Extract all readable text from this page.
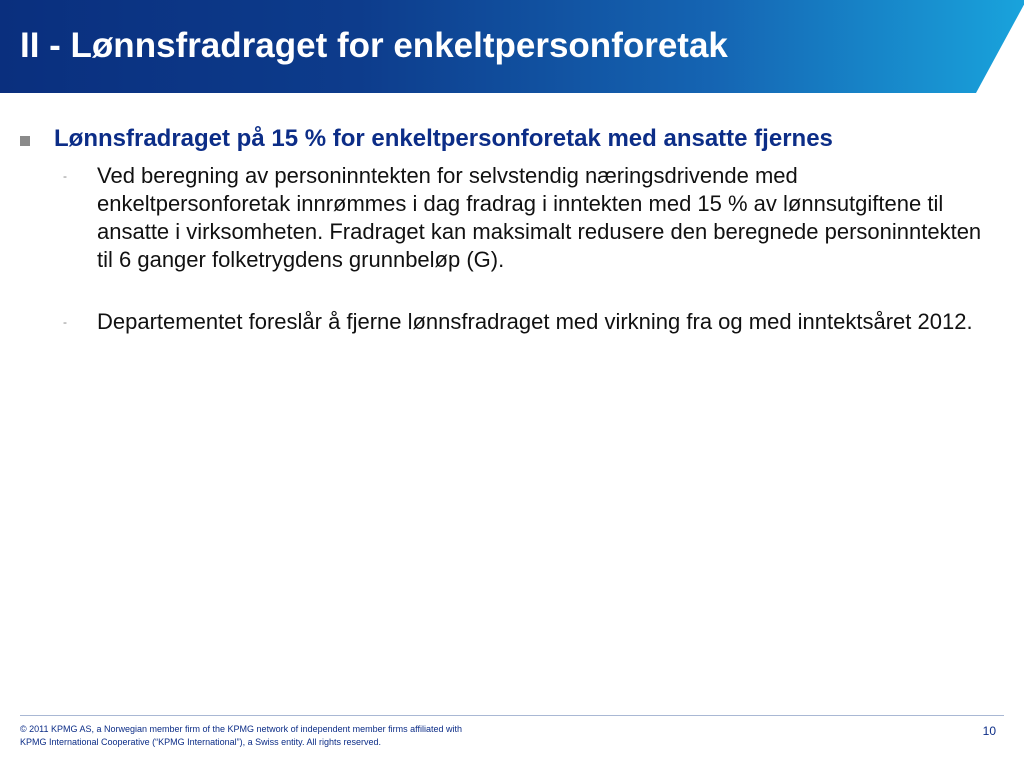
II - Lønnsfradraget for enkeltpersonforetak
Lønnsfradraget på 15 % for enkeltpersonforetak med ansatte fjernes
- Ved beregning av personinntekten for selvstendig næringsdrivende med enkeltpersonforetak innrømmes i dag fradrag i inntekten med 15 % av lønnsutgiftene til ansatte i virksomheten. Fradraget kan maksimalt redusere den beregnede personinntekten til 6 ganger folketrygdens grunnbeløp (G).
- Departementet foreslår å fjerne lønnsfradraget med virkning fra og med inntektsåret 2012.
© 2011 KPMG AS, a Norwegian member firm of the KPMG network of independent member firms affiliated with
KPMG International Cooperative (“KPMG International”), a Swiss entity. All rights reserved.
10
